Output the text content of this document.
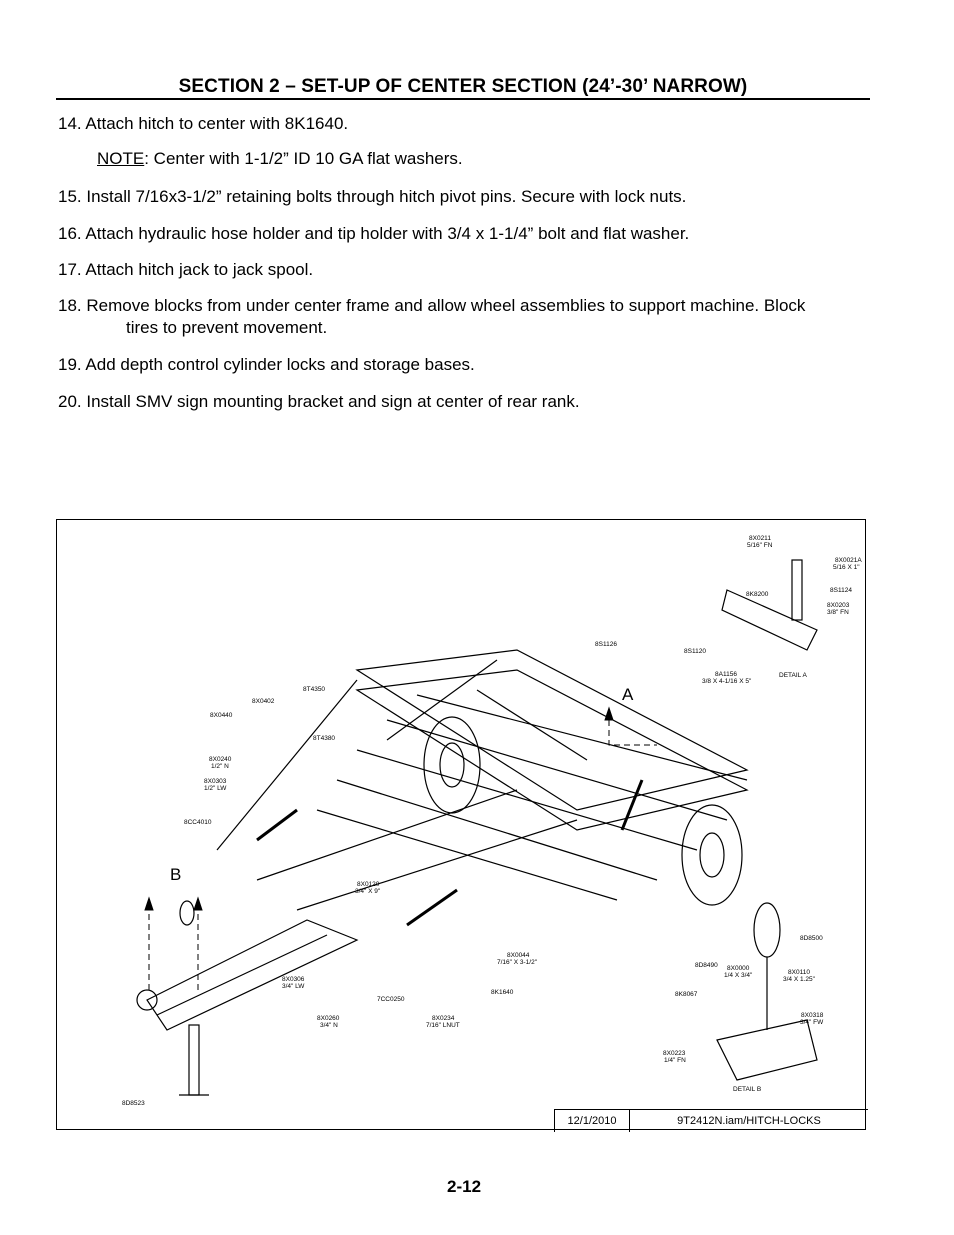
SECTION 2 – SET-UP OF CENTER SECTION (24’-30’ NARROW)
14. Attach hitch to center with 8K1640.
NOTE: Center with 1-1/2” ID 10 GA flat washers.
15. Install 7/16x3-1/2” retaining bolts through hitch pivot pins. Secure with lock nuts.
16. Attach hydraulic hose holder and tip holder with 3/4 x 1-1/4” bolt and flat washer.
17. Attach hitch jack to jack spool.
18. Remove blocks from under center frame and allow wheel assemblies to support machine. Block
tires to prevent movement.
19. Add depth control cylinder locks and storage bases.
20. Install SMV sign mounting bracket and sign at center of rear rank.
A
B
DETAIL A
DETAIL B
8X0211 5/16" FN
8X0021A 5/16 X 1"
8S1124
8K8200
8X0203 3/8" FN
8S1126
8S1120
8A1156 3/8 X 4-1/16 X 5"
8T4350
8X0402
8X0440
8T4380
8X0240 1/2" N
8X0303 1/2" LW
8CC4010
8X0120 3/4" X 9"
8X0044 7/16" X 3-1/2"
8X0306 3/4" LW
8K1640
7CC0250
8X0260 3/4" N
8X0234 7/16" LNUT
8D8523
8D8500
8D8490	8X0000 1/4 X 3/4"	8X0110 3/4 X 1.25"
8K8067
8X0318 3/4" FW
8X0223 1/4" FN
12/1/2010	9T2412N.iam/HITCH-LOCKS
2-12
